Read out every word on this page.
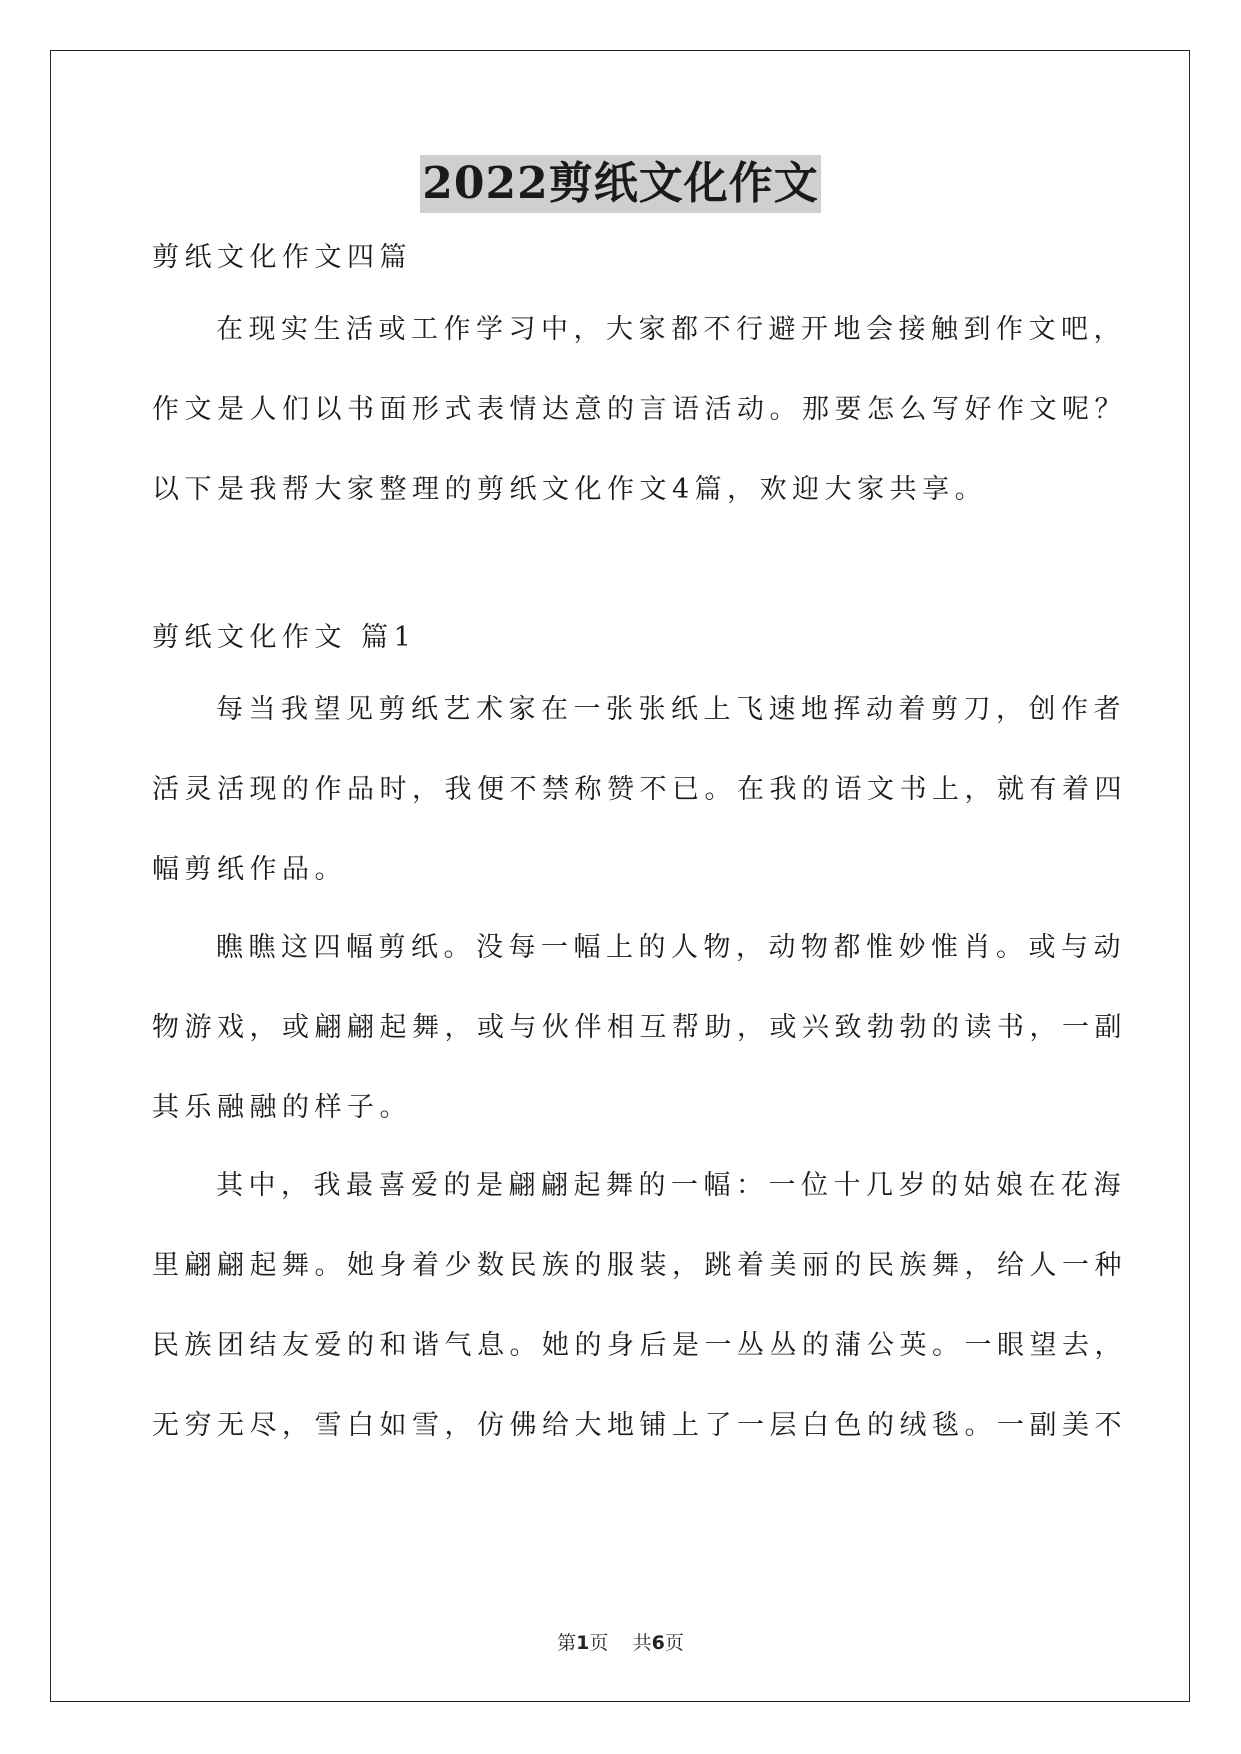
2022剪纸文化作文
剪纸文化作文四篇
在现实生活或工作学习中，大家都不行避开地会接触到作文吧，
作文是人们以书面形式表情达意的言语活动。那要怎么写好作文呢？
以下是我帮大家整理的剪纸文化作文4篇，欢迎大家共享。
剪纸文化作文 篇1
每当我望见剪纸艺术家在一张张纸上飞速地挥动着剪刀，创作者
活灵活现的作品时，我便不禁称赞不已。在我的语文书上，就有着四
幅剪纸作品。
瞧瞧这四幅剪纸。没每一幅上的人物，动物都惟妙惟肖。或与动
物游戏，或翩翩起舞，或与伙伴相互帮助，或兴致勃勃的读书，一副
其乐融融的样子。
其中，我最喜爱的是翩翩起舞的一幅：一位十几岁的姑娘在花海
里翩翩起舞。她身着少数民族的服装，跳着美丽的民族舞，给人一种
民族团结友爱的和谐气息。她的身后是一丛丛的蒲公英。一眼望去，
无穷无尽，雪白如雪，仿佛给大地铺上了一层白色的绒毯。一副美不
第1页    共6页
